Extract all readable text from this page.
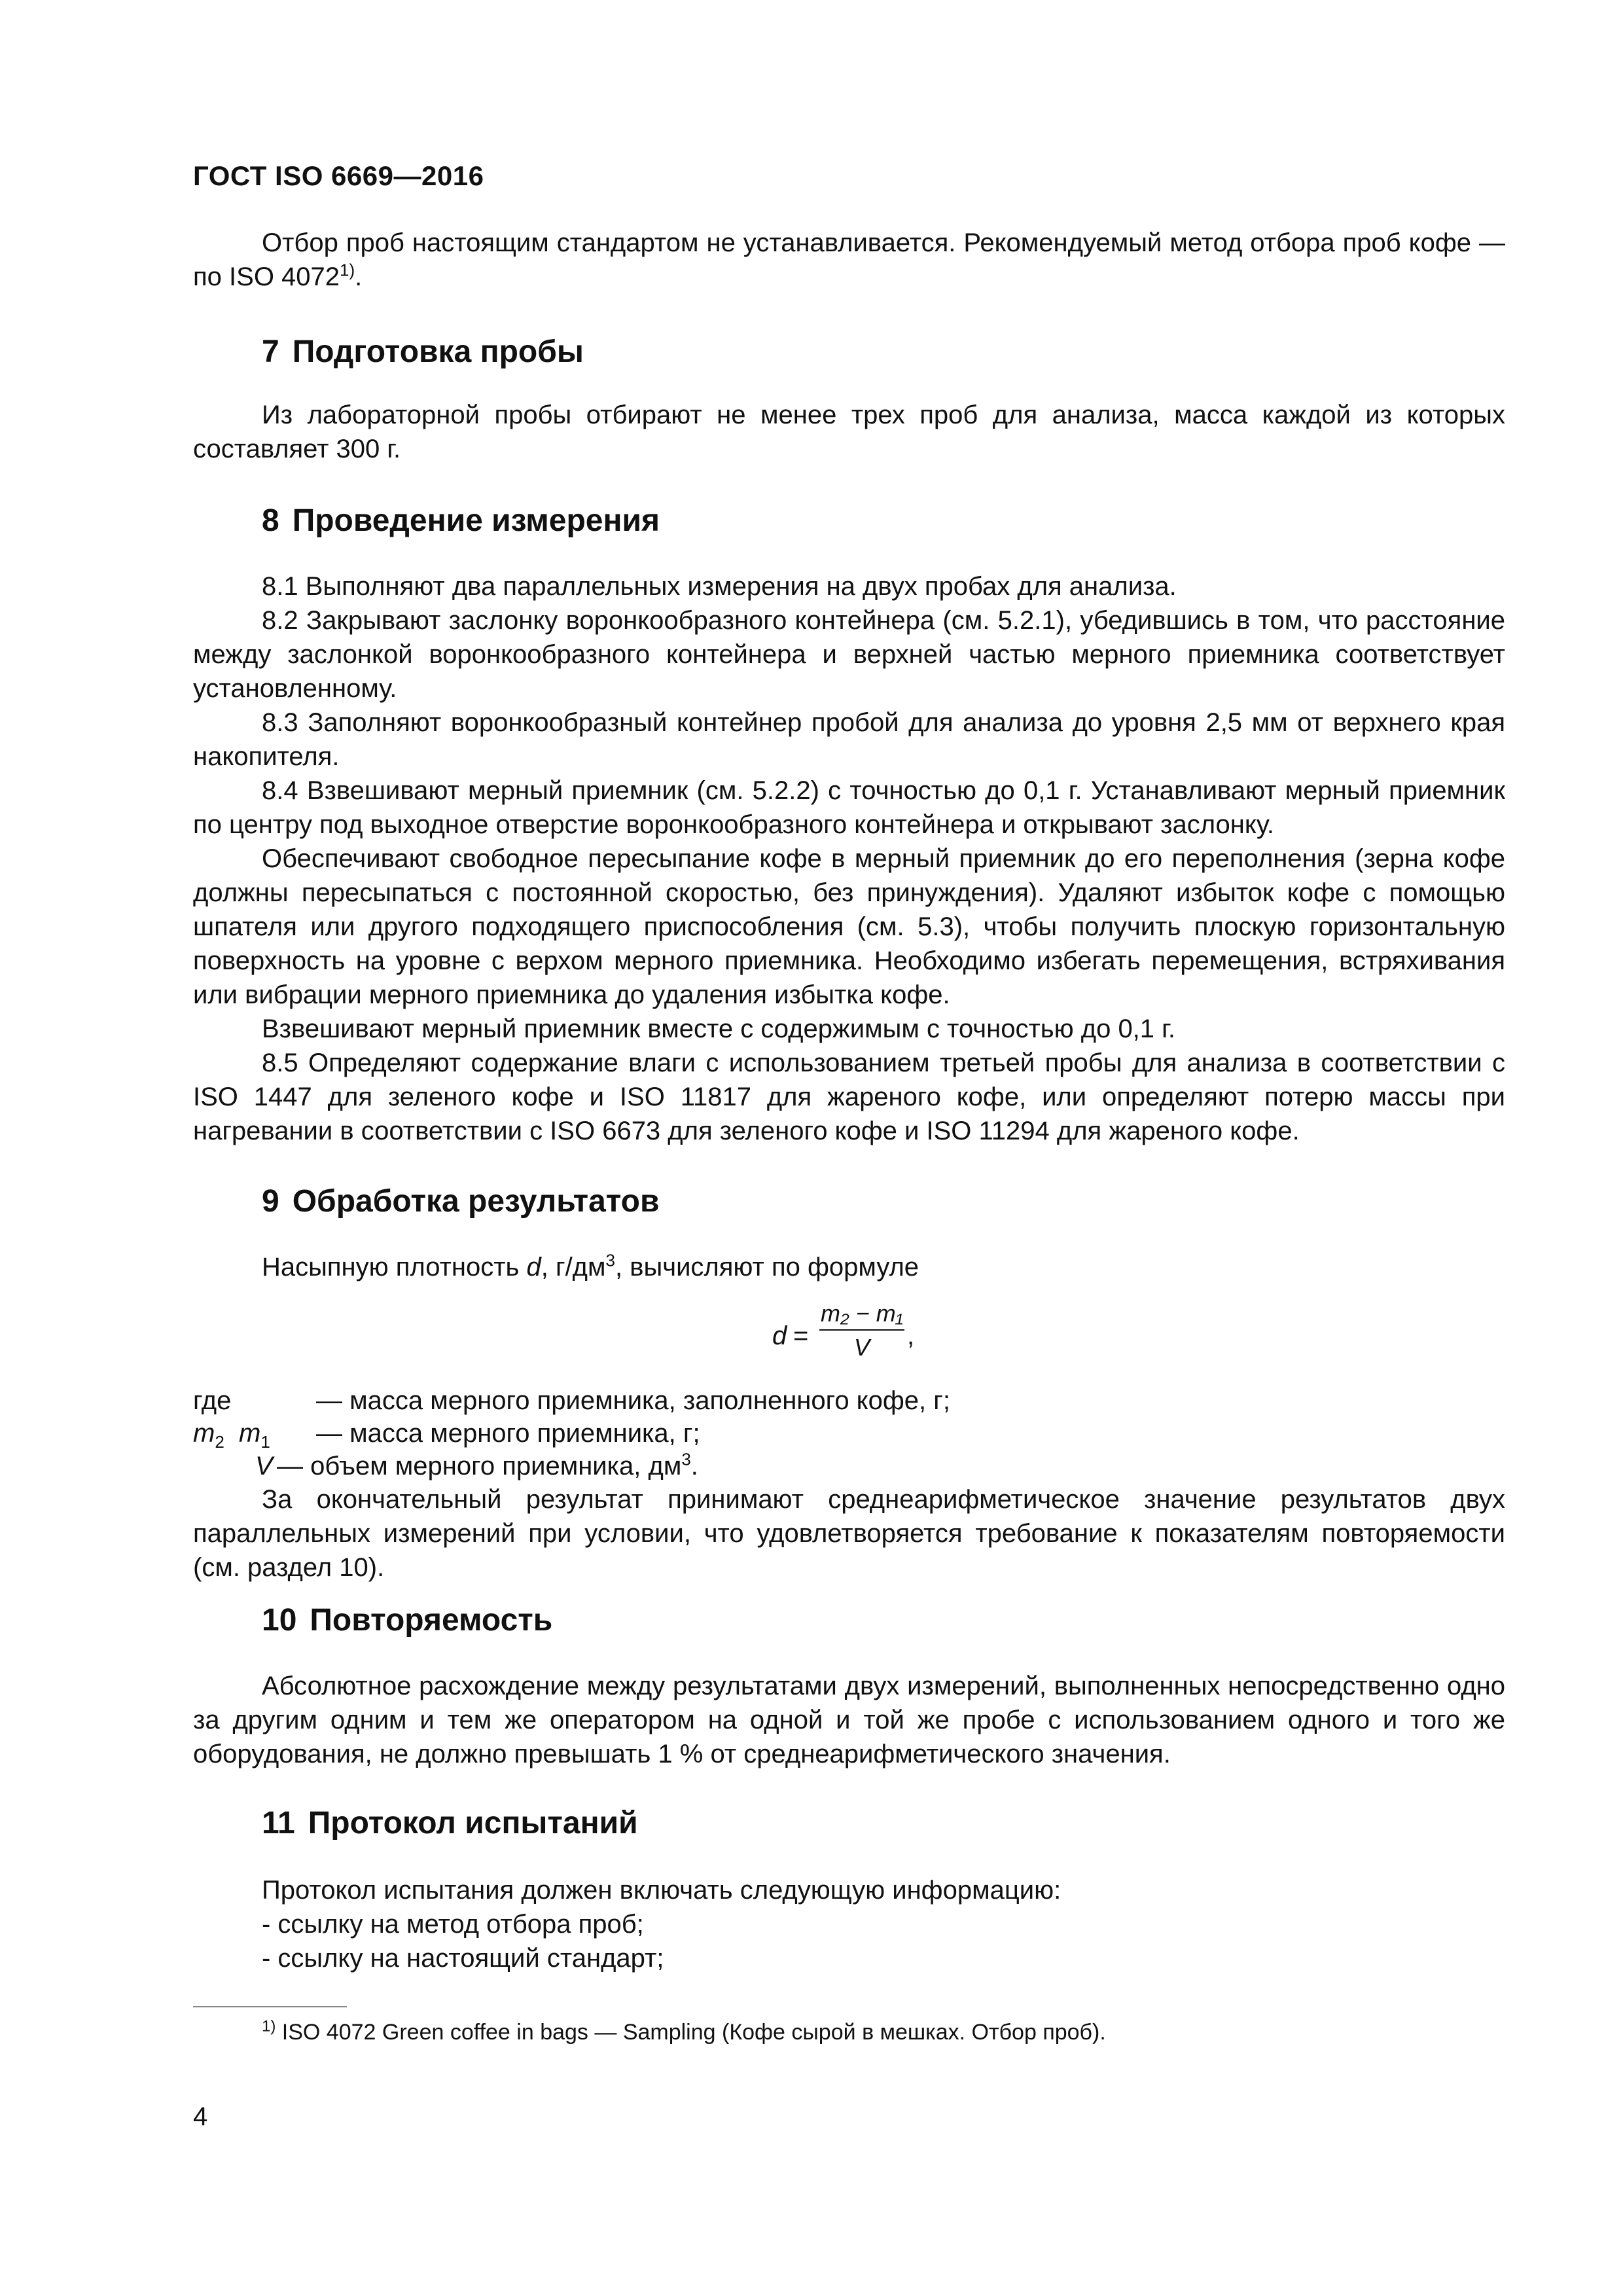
ГОСТ ISO 6669—2016

Отбор проб настоящим стандартом не устанавливается. Рекомендуемый метод отбора проб кофе — по ISO 4072$^{1)}$.

7 Подготовка пробы

Из лабораторной пробы отбирают не менее трех проб для анализа, масса каждой из которых составляет 300 г.

8 Проведение измерения

8.1 Выполняют два параллельных измерения на двух пробах для анализа.

8.2 Закрывают заслонку воронкообразного контейнера (см. 5.2.1), убедившись в том, что расстояние между заслонкой воронкообразного контейнера и верхней частью мерного приемника соответствует установленному.

8.3 Заполняют воронкообразный контейнер пробой для анализа до уровня 2,5 мм от верхнего края накопителя.

8.4 Взвешивают мерный приемник (см. 5.2.2) с точностью до 0,1 г. Устанавливают мерный приемник по центру под выходное отверстие воронкообразного контейнера и открывают заслонку.

Обеспечивают свободное пересыпание кофе в мерный приемник до его переполнения (зерна кофе должны пересыпаться с постоянной скоростью, без принуждения). Удаляют избыток кофе с помощью шпателя или другого подходящего приспособления (см. 5.3), чтобы получить плоскую горизонтальную поверхность на уровне с верхом мерного приемника. Необходимо избегать перемещения, встряхивания или вибрации мерного приемника до удаления избытка кофе.

Взвешивают мерный приемник вместе с содержимым с точностью до 0,1 г.

8.5 Определяют содержание влаги с использованием третьей пробы для анализа в соответствии с ISO 1447 для зеленого кофе и ISO 11817 для жареного кофе, или определяют потерю массы при нагревании в соответствии с ISO 6673 для зеленого кофе и ISO 11294 для жареного кофе.

9 Обработка результатов

Насыпную плотность d, $г/дм^3$, вычисляют по формуле

d =
m₂ − m₁
V	,
где $m_2$
— масса мерного приемника, заполненного кофе, г;
$m_1$ — масса мерного приемника, г;
V — объем мерного приемника, $дм^3$.

За окончательный результат принимают среднеарифметическое значение результатов двух параллельных измерений при условии, что удовлетворяется требование к показателям повторяемости (см. раздел 10).

10 Повторяемость

Абсолютное расхождение между результатами двух измерений, выполненных непосредственно одно за другим одним и тем же оператором на одной и той же пробе с использованием одного и того же оборудования, не должно превышать 1 % от среднеарифметического значения.

11 Протокол испытаний

Протокол испытания должен включать следующую информацию:

- ссылку на метод отбора проб;

- ссылку на настоящий стандарт;

$^{1)}$ ISO 4072 Green coffee in bags — Sampling (Кофе сырой в мешках. Отбор проб).
4
